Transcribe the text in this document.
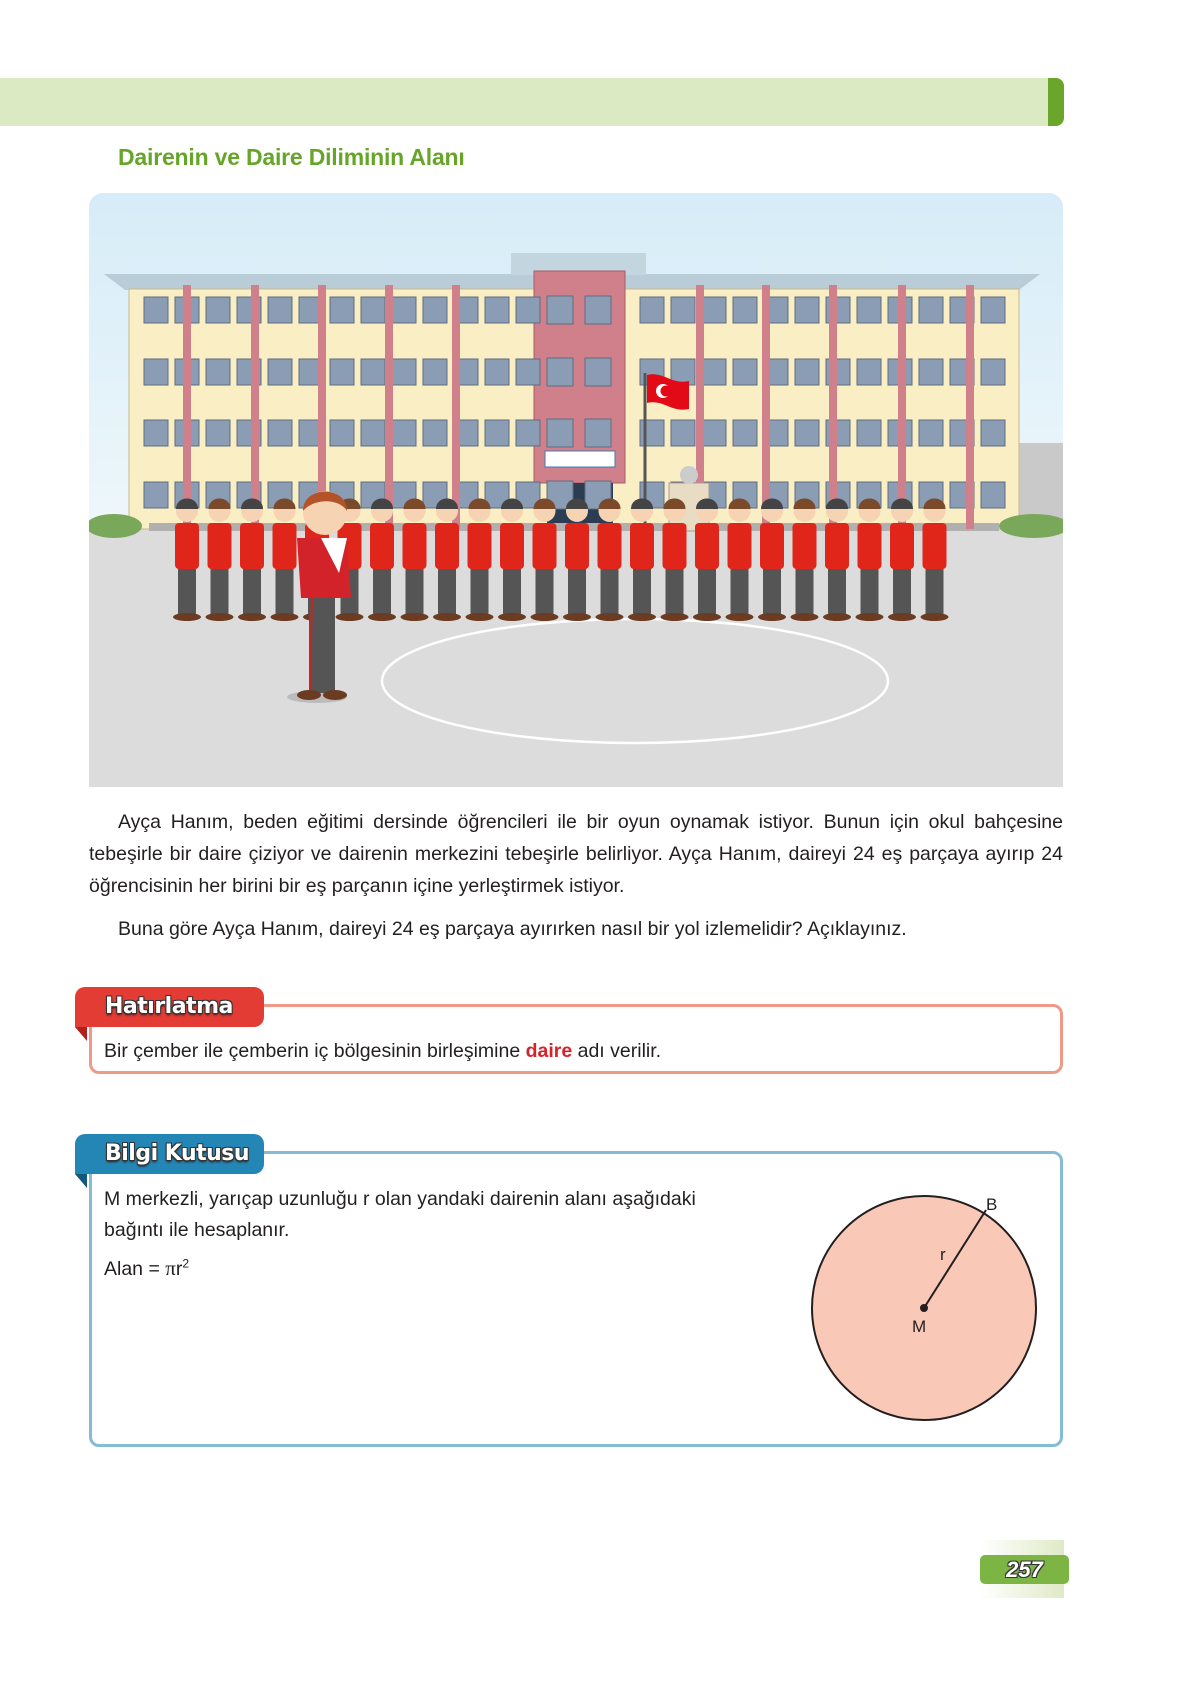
Dairenin ve Daire Diliminin Alanı
Ayça Hanım, beden eğitimi dersinde öğrencileri ile bir oyun oynamak istiyor. Bunun için okul bahçesine tebeşirle bir daire çiziyor ve dairenin merkezini tebeşirle belirliyor. Ayça Hanım, daireyi 24 eş parçaya ayırıp 24 öğrencisinin her birini bir eş parçanın içine yerleştirmek istiyor.
Buna göre Ayça Hanım, daireyi 24 eş parçaya ayırırken nasıl bir yol izlemelidir? Açıklayınız.
Hatırlatma
Bir çember ile çemberin iç bölgesinin birleşimine daire adı verilir.
Bilgi Kutusu
M merkezli, yarıçap uzunluğu r olan yandaki dairenin alanı aşağıdaki
bağıntı ile hesaplanır.
Alan = $\pi r^2$
B
r
M
257
